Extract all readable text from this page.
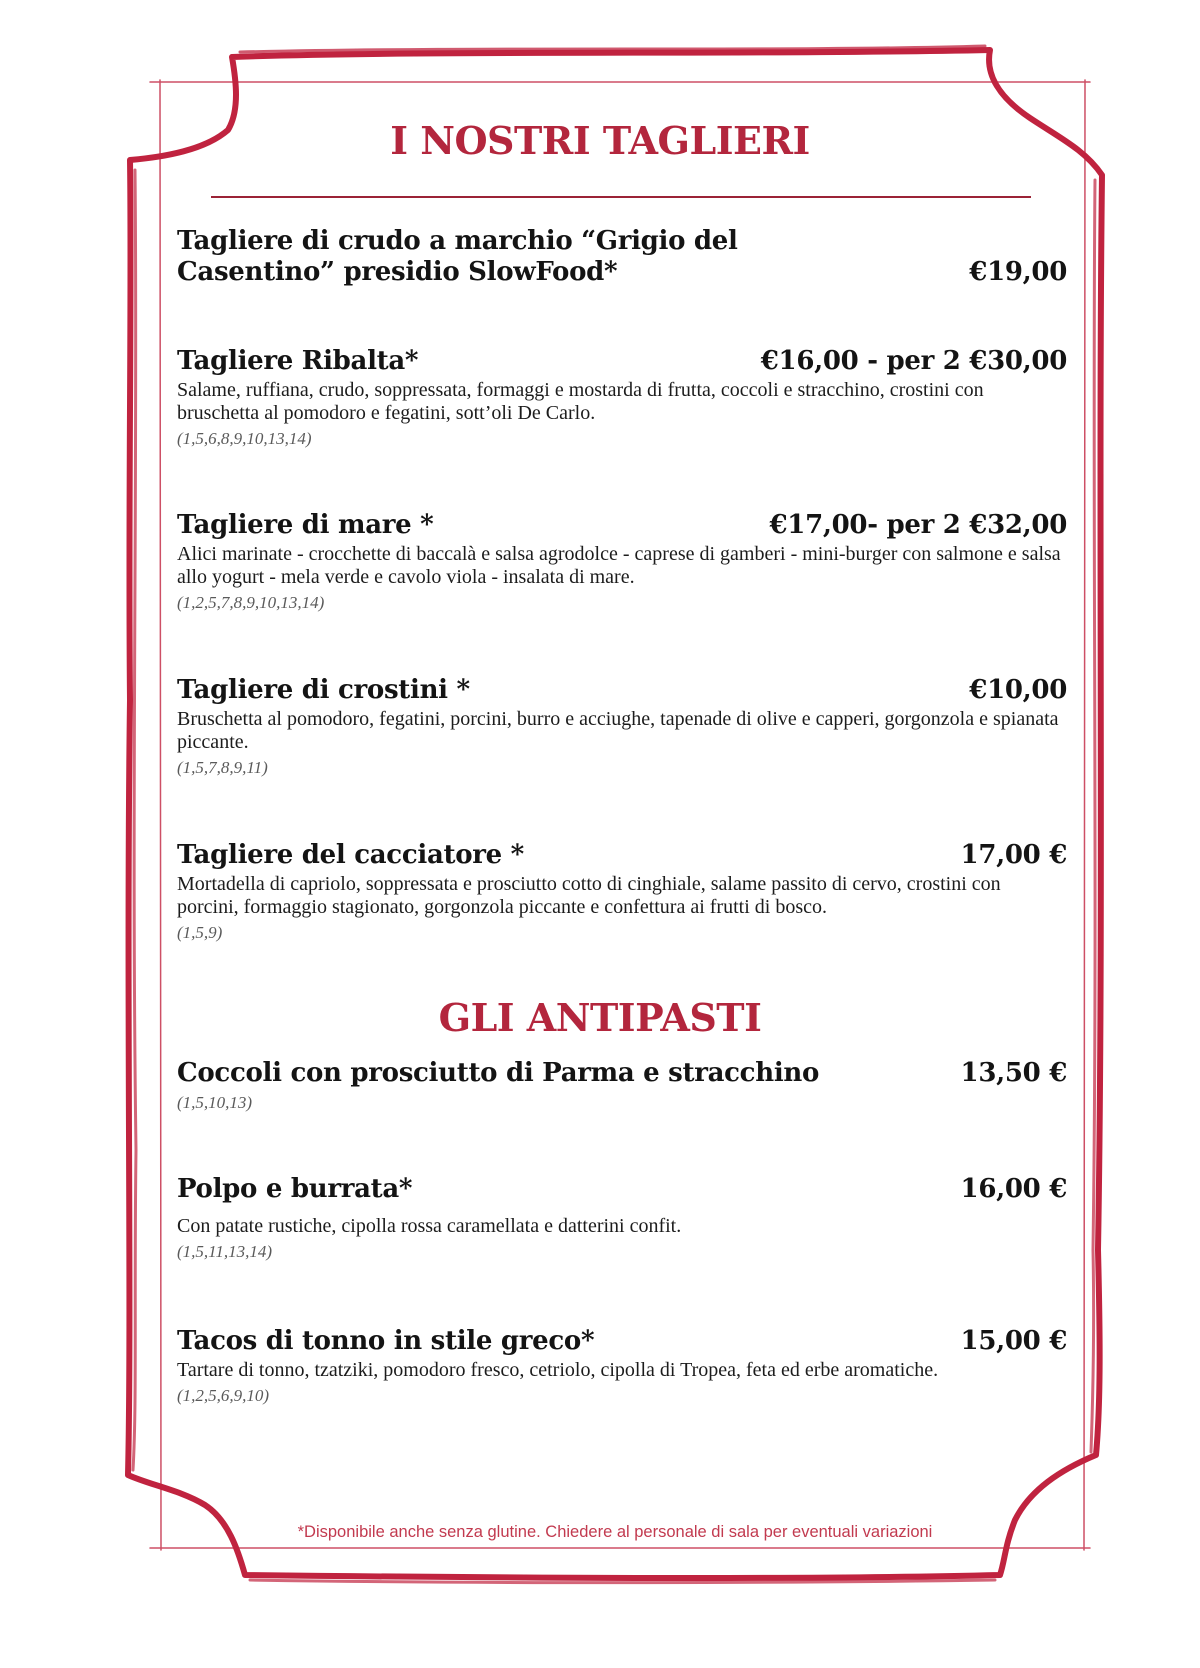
I NOSTRI TAGLIERI
Tagliere di crudo a marchio “Grigio del Casentino” presidio SlowFood*	€19,00
Tagliere Ribalta*	€16,00 - per 2 €30,00
Salame, ruffiana, crudo, soppressata, formaggi e mostarda di frutta, coccoli e stracchino, crostini con bruschetta al pomodoro e fegatini, sott’oli De Carlo.
(1,5,6,8,9,10,13,14)
Tagliere di mare *	€17,00- per 2 €32,00
Alici marinate - crocchette di baccalà e salsa agrodolce - caprese di gamberi - mini-burger con salmone e salsa allo yogurt - mela verde e cavolo viola - insalata di mare.
(1,2,5,7,8,9,10,13,14)
Tagliere di crostini *	€10,00
Bruschetta al pomodoro, fegatini, porcini, burro e acciughe, tapenade di olive e capperi, gorgonzola e spianata piccante.
(1,5,7,8,9,11)
Tagliere del cacciatore *	17,00 €
Mortadella di capriolo, soppressata e prosciutto cotto di cinghiale, salame passito di cervo, crostini con porcini, formaggio stagionato, gorgonzola piccante e confettura ai frutti di bosco.
(1,5,9)
GLI ANTIPASTI
Coccoli con prosciutto di Parma e stracchino	13,50 €
(1,5,10,13)
Polpo e burrata*	16,00 €
Con patate rustiche, cipolla rossa caramellata e datterini confit.
(1,5,11,13,14)
Tacos di tonno in stile greco*	15,00 €
Tartare di tonno, tzatziki, pomodoro fresco, cetriolo, cipolla di Tropea, feta ed erbe aromatiche.
(1,2,5,6,9,10)
*Disponibile anche senza glutine. Chiedere al personale di sala per eventuali variazioni
